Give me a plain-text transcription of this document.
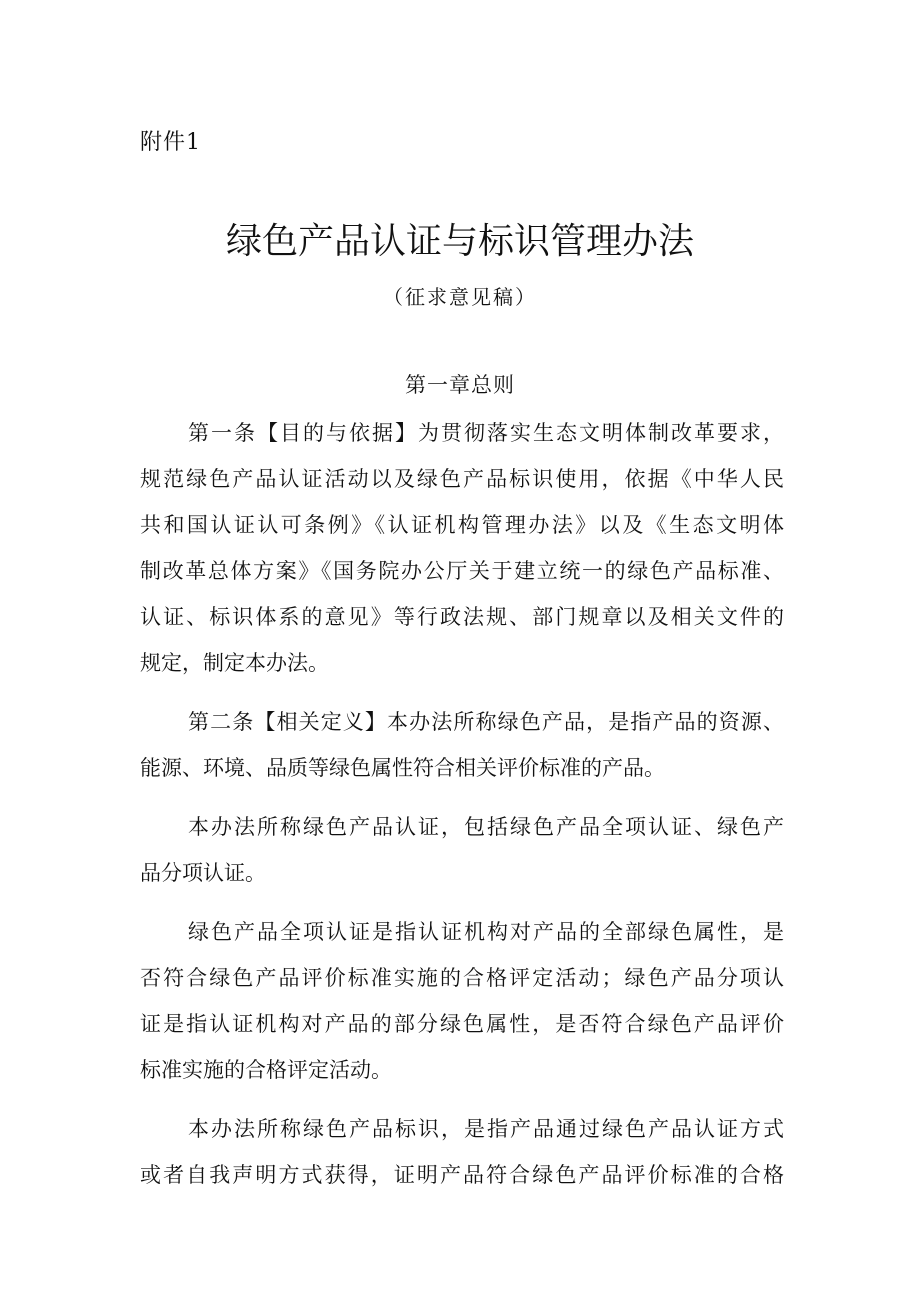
附件1
绿色产品认证与标识管理办法
（征求意见稿）
第一章总则

第一条【目的与依据】为贯彻落实生态文明体制改革要求，
规范绿色产品认证活动以及绿色产品标识使用，依据《中华人民
共和国认证认可条例》《认证机构管理办法》以及《生态文明体
制改革总体方案》《国务院办公厅关于建立统一的绿色产品标准、
认证、标识体系的意见》等行政法规、部门规章以及相关文件的
规定，制定本办法。

第二条【相关定义】本办法所称绿色产品，是指产品的资源、
能源、环境、品质等绿色属性符合相关评价标准的产品。

本办法所称绿色产品认证，包括绿色产品全项认证、绿色产
品分项认证。

绿色产品全项认证是指认证机构对产品的全部绿色属性，是
否符合绿色产品评价标准实施的合格评定活动；绿色产品分项认
证是指认证机构对产品的部分绿色属性，是否符合绿色产品评价
标准实施的合格评定活动。

本办法所称绿色产品标识，是指产品通过绿色产品认证方式
或者自我声明方式获得，证明产品符合绿色产品评价标准的合格
